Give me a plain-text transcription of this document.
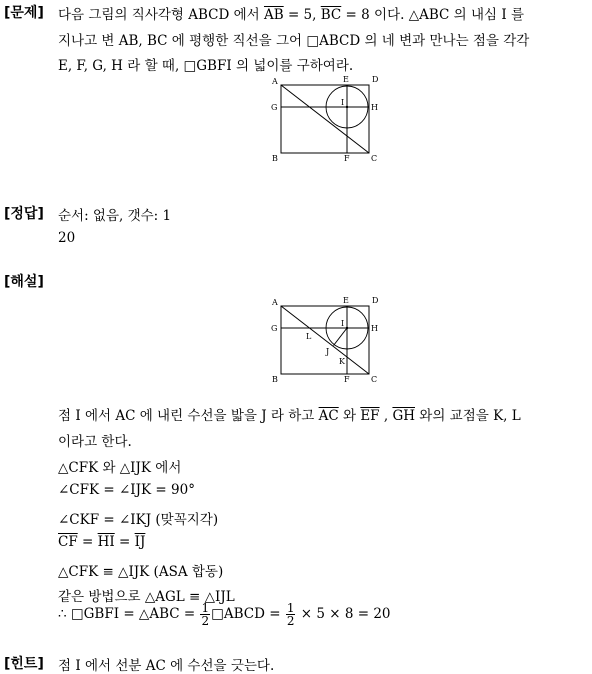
[문제] 다음 그림의 직사각형 ABCD 에서 $\overline{AB} = 5$, $\overline{BC} = 8$ 이다. △ABC 의 내심 I 를
지나고 변 AB, BC 에 평행한 직선을 그어 □ABCD 의 네 변과 만나는 점을 각각
E, F, G, H 라 할 때, □GBFI 의 넓이를 구하여라.
A	E	D
G
I
H
B	F	C
[정답] 순서: 없음, 갯수: 1
20
[해설]
A	E	D
G
I
H
L
J
K
B	F	C
점 I 에서 AC 에 내린 수선을 밟을 J 라 하고 $\overline{AC}$ 와 $\overline{EF}$ , $\overline{GH}$ 와의 교점을 K, L
이라고 한다.
△CFK 와 △IJK 에서
∠CFK = ∠IJK = 90°
∠CKF = ∠IKJ (맞꼭지각)
$\overline{CF} = \overline{HI} = \overline{IJ}$
△CFK ≡ △IJK (ASA 합동)
같은 방법으로 △AGL ≡ △IJL
∴ □GBFI = △ABC = $\frac{1}{2}$ □ABCD = $\frac{1}{2} \times 5 \times 8 = 20$
[힌트] 점 I 에서 선분 AC 에 수선을 긋는다.
